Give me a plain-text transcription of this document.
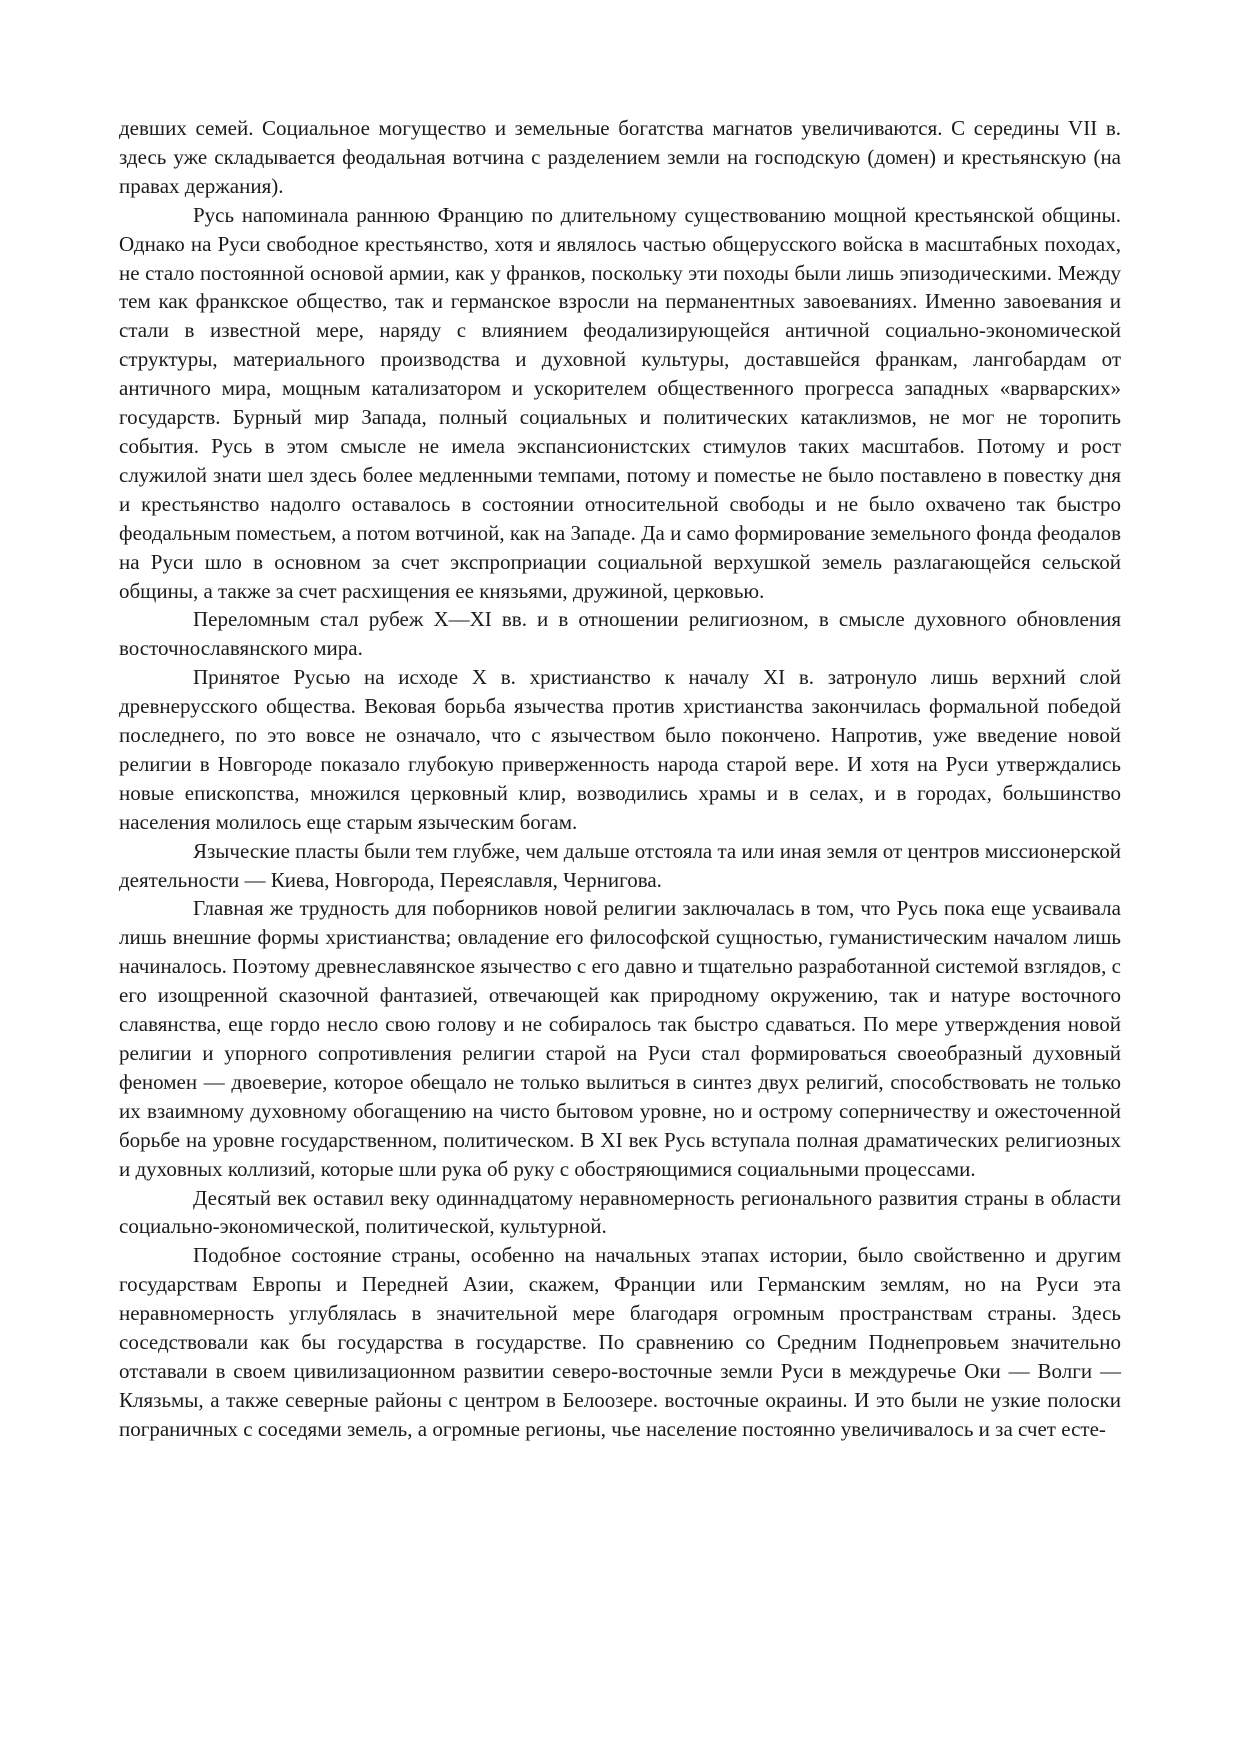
девших семей. Социальное могущество и земельные богатства магнатов увеличиваются. С середины VII в. здесь уже складывается феодальная вотчина с разделением земли на господскую (домен) и крестьянскую (на правах держания).

Русь напоминала раннюю Францию по длительному существованию мощной крестьянской общины. Однако на Руси свободное крестьянство, хотя и являлось частью общерусского войска в масштабных походах, не стало постоянной основой армии, как у франков, поскольку эти походы были лишь эпизодическими. Между тем как франкское общество, так и германское взросли на перманентных завоеваниях. Именно завоевания и стали в известной мере, наряду с влиянием феодализирующейся античной социально-экономической структуры, материального производства и духовной культуры, доставшейся франкам, лангобардам от античного мира, мощным катализатором и ускорителем общественного прогресса западных «варварских» государств. Бурный мир Запада, полный социальных и политических катаклизмов, не мог не торопить события. Русь в этом смысле не имела экспансионистских стимулов таких масштабов. Потому и рост служилой знати шел здесь более медленными темпами, потому и поместье не было поставлено в повестку дня и крестьянство надолго оставалось в состоянии относительной свободы и не было охвачено так быстро феодальным поместьем, а потом вотчиной, как на Западе. Да и само формирование земельного фонда феодалов на Руси шло в основном за счет экспроприации социальной верхушкой земель разлагающейся сельской общины, а также за счет расхищения ее князьями, дружиной, церковью.

Переломным стал рубеж X—XI вв. и в отношении религиозном, в смысле духовного обновления восточнославянского мира.

Принятое Русью на исходе X в. христианство к началу XI в. затронуло лишь верхний слой древнерусского общества. Вековая борьба язычества против христианства закончилась формальной победой последнего, по это вовсе не означало, что с язычеством было покончено. Напротив, уже введение новой религии в Новгороде показало глубокую приверженность народа старой вере. И хотя на Руси утверждались новые епископства, множился церковный клир, возводились храмы и в селах, и в городах, большинство населения молилось еще старым языческим богам.

Языческие пласты были тем глубже, чем дальше отстояла та или иная земля от центров миссионерской деятельности — Киева, Новгорода, Переяславля, Чернигова.

Главная же трудность для поборников новой религии заключалась в том, что Русь пока еще усваивала лишь внешние формы христианства; овладение его философской сущностью, гуманистическим началом лишь начиналось. Поэтому древнеславянское язычество с его давно и тщательно разработанной системой взглядов, с его изощренной сказочной фантазией, отвечающей как природному окружению, так и натуре восточного славянства, еще гордо несло свою голову и не собиралось так быстро сдаваться. По мере утверждения новой религии и упорного сопротивления религии старой на Руси стал формироваться своеобразный духовный феномен — двоеверие, которое обещало не только вылиться в синтез двух религий, способствовать не только их взаимному духовному обогащению на чисто бытовом уровне, но и острому соперничеству и ожесточенной борьбе на уровне государственном, политическом. В XI век Русь вступала полная драматических религиозных и духовных коллизий, которые шли рука об руку с обостряющимися социальными процессами.

Десятый век оставил веку одиннадцатому неравномерность регионального развития страны в области социально-экономической, политической, культурной.

Подобное состояние страны, особенно на начальных этапах истории, было свойственно и другим государствам Европы и Передней Азии, скажем, Франции или Германским землям, но на Руси эта неравномерность углублялась в значительной мере благодаря огромным пространствам страны. Здесь соседствовали как бы государства в государстве. По сравнению со Средним Поднепровьем значительно отставали в своем цивилизационном развитии северо-восточные земли Руси в междуречье Оки — Волги — Клязьмы, а также северные районы с центром в Белоозере. восточные окраины. И это были не узкие полоски пограничных с соседями земель, а огромные регионы, чье население постоянно увеличивалось и за счет есте-
